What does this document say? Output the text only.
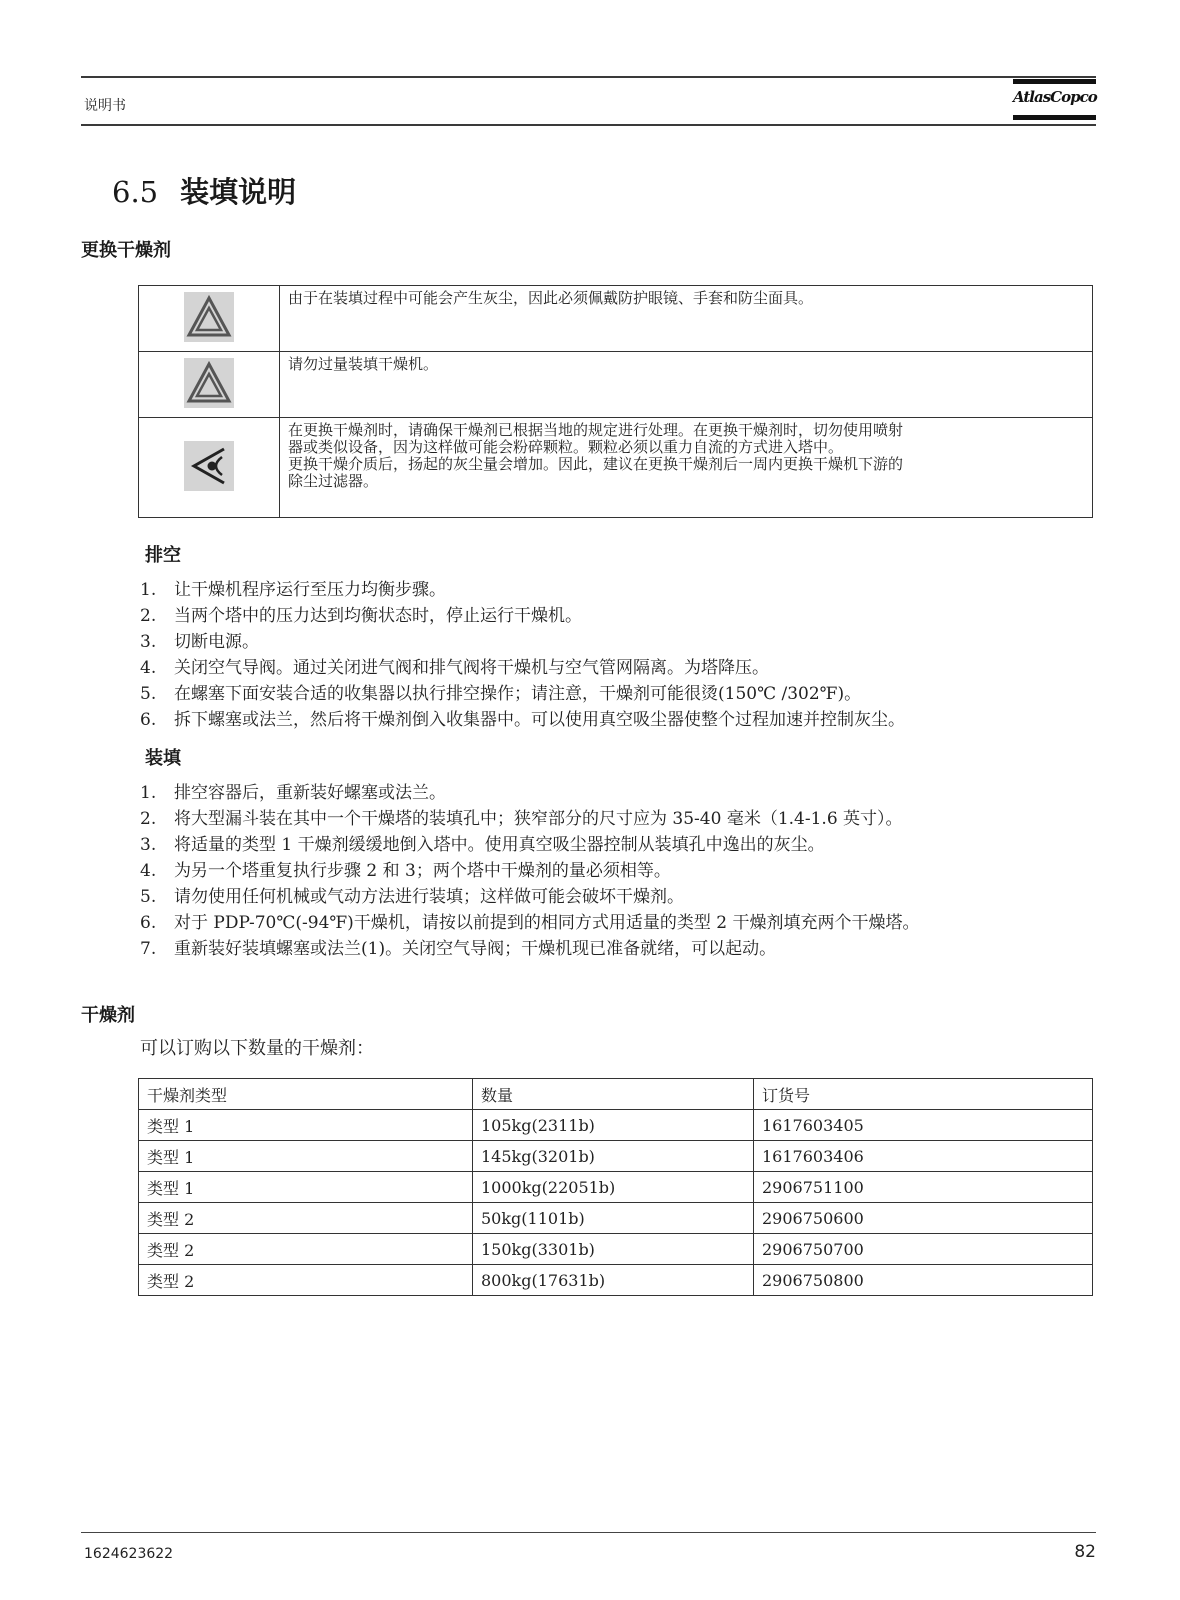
说明书	AtlasCopco
6.5 装填说明
更换干燥剂

由于在装填过程中可能会产生灰尘，因此必须佩戴防护眼镜、手套和防尘面具。

请勿过量装填干燥机。

在更换干燥剂时，请确保干燥剂已根据当地的规定进行处理。在更换干燥剂时，切勿使用喷射
器或类似设备，因为这样做可能会粉碎颗粒。颗粒必须以重力自流的方式进入塔中。
更换干燥介质后，扬起的灰尘量会增加。因此，建议在更换干燥剂后一周内更换干燥机下游的
除尘过滤器。
排空
1. 让干燥机程序运行至压力均衡步骤。
2. 当两个塔中的压力达到均衡状态时，停止运行干燥机。
3. 切断电源。
4. 关闭空气导阀。通过关闭进气阀和排气阀将干燥机与空气管网隔离。为塔降压。
5. 在螺塞下面安装合适的收集器以执行排空操作；请注意，干燥剂可能很烫(150℃ /302℉)。
6. 拆下螺塞或法兰，然后将干燥剂倒入收集器中。可以使用真空吸尘器使整个过程加速并控制灰尘。
装填
1. 排空容器后，重新装好螺塞或法兰。
2. 将大型漏斗装在其中一个干燥塔的装填孔中；狭窄部分的尺寸应为 35-40 毫米（1.4-1.6 英寸）。
3. 将适量的类型 1 干燥剂缓缓地倒入塔中。使用真空吸尘器控制从装填孔中逸出的灰尘。
4. 为另一个塔重复执行步骤 2 和 3；两个塔中干燥剂的量必须相等。
5. 请勿使用任何机械或气动方法进行装填；这样做可能会破坏干燥剂。
6. 对于 PDP-70℃(-94℉)干燥机，请按以前提到的相同方式用适量的类型 2 干燥剂填充两个干燥塔。
7. 重新装好装填螺塞或法兰(1)。关闭空气导阀；干燥机现已准备就绪，可以起动。
干燥剂
可以订购以下数量的干燥剂：
干燥剂类型	数量	订货号
类型 1	105kg(2311b)	1617603405
类型 1	145kg(3201b)	1617603406
类型 1	1000kg(22051b)	2906751100
类型 2	50kg(1101b)	2906750600
类型 2	150kg(3301b)	2906750700
类型 2	800kg(17631b)	2906750800
1624623622	82
